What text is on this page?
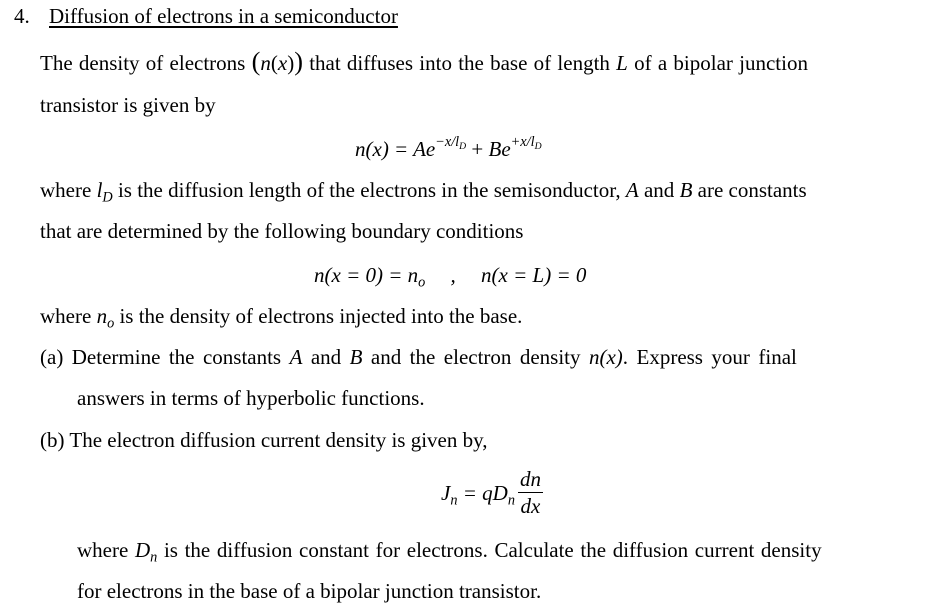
4. Diffusion of electrons in a semiconductor
The density of electrons (n(x)) that diffuses into the base of length L of a bipolar junction
transistor is given by
$n(x) = Ae^{-x/l_D} + Be^{+x/l_D}$
where $l_D$ is the diffusion length of the electrons in the semisonductor, A and B are constants
that are determined by the following boundary conditions
$n(x = 0) = n_o$ , n(x = L) = 0
where $n_o$ is the density of electrons injected into the base.
(a) Determine the constants A and B and the electron density n(x). Express your final
answers in terms of hyperbolic functions.
(b) The electron diffusion current density is given by,
$J_n = qD_n \frac{dn}{dx}$
where $D_n$ is the diffusion constant for electrons. Calculate the diffusion current density
for electrons in the base of a bipolar junction transistor.
